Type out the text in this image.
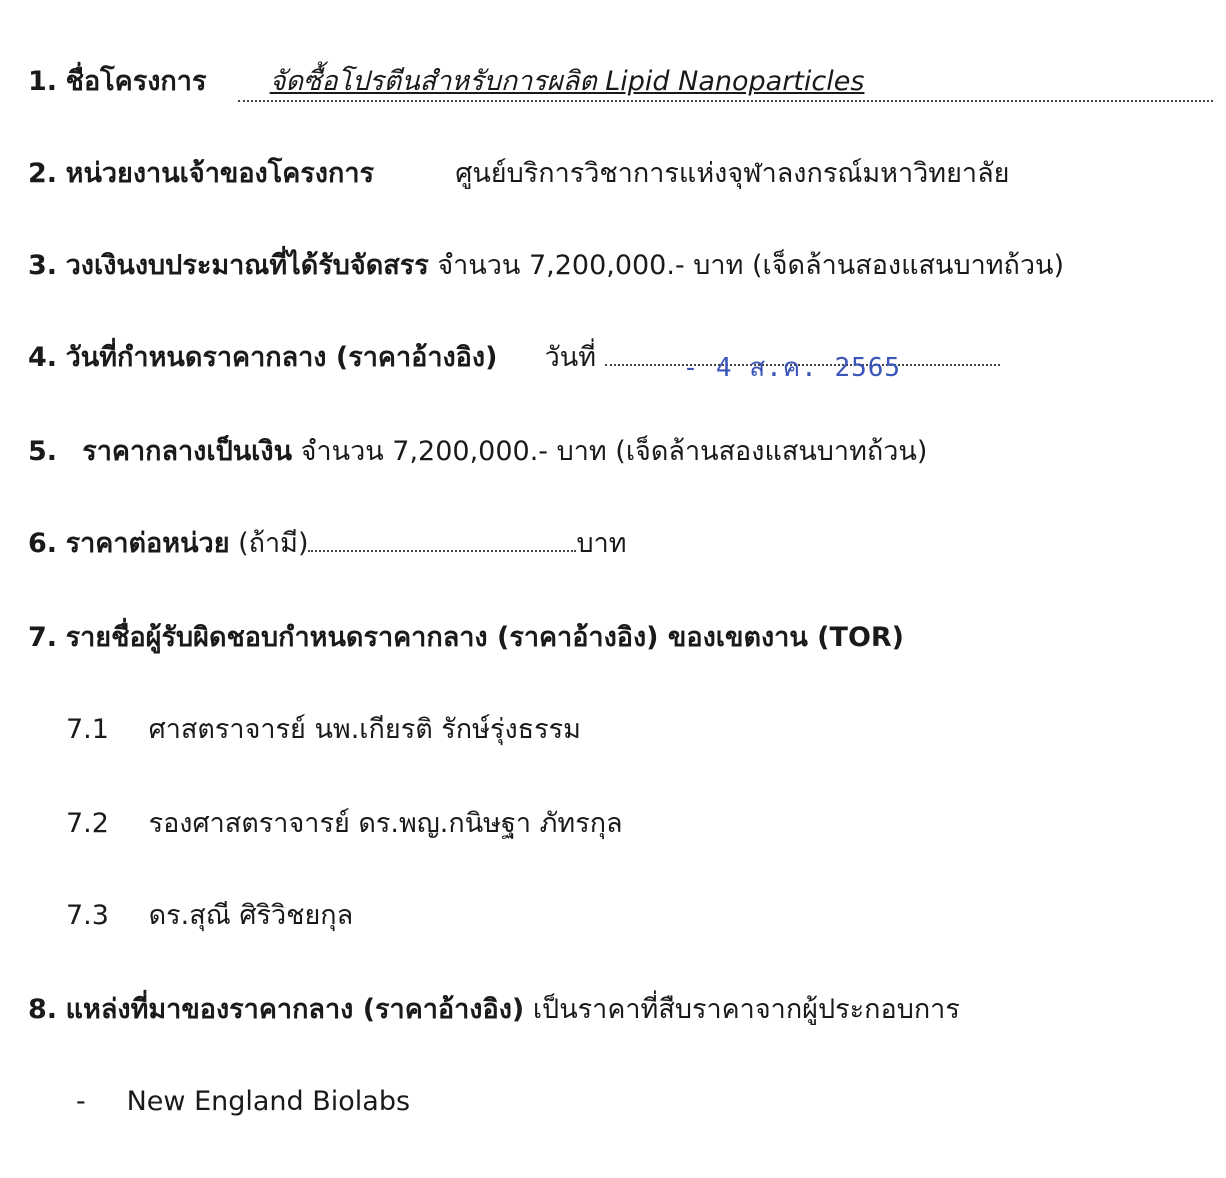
1. ชื่อโครงการ จัดซื้อโปรตีนสำหรับการผลิต Lipid Nanoparticles
2. หน่วยงานเจ้าของโครงการ	ศูนย์บริการวิชาการแห่งจุฬาลงกรณ์มหาวิทยาลัย
3. วงเงินงบประมาณที่ได้รับจัดสรร จำนวน 7,200,000.- บาท (เจ็ดล้านสองแสนบาทถ้วน)
4. วันที่กำหนดราคากลาง (ราคาอ้างอิง) วันที่	- 4 ส.ค. 2565
5. ราคากลางเป็นเงิน จำนวน 7,200,000.- บาท (เจ็ดล้านสองแสนบาทถ้วน)
6. ราคาต่อหน่วย (ถ้ามี)	บาท
7. รายชื่อผู้รับผิดชอบกำหนดราคากลาง (ราคาอ้างอิง) ของเขตงาน (TOR)
7.1 ศาสตราจารย์ นพ.เกียรติ รักษ์รุ่งธรรม
7.2 รองศาสตราจารย์ ดร.พญ.กนิษฐา ภัทรกุล
7.3 ดร.สุณี ศิริวิชยกุล
8. แหล่งที่มาของราคากลาง (ราคาอ้างอิง) เป็นราคาที่สืบราคาจากผู้ประกอบการ
- New England Biolabs
